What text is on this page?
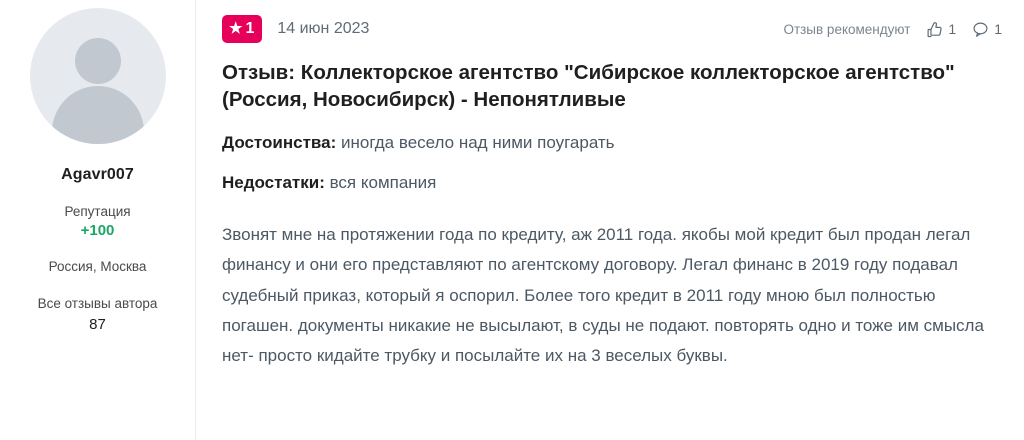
Agavr007
Репутация
+100
Россия, Москва
Все отзывы автора
87
★ 1 14 июн 2023	Отзыв рекомендуют	1	1
Отзыв: Коллекторское агентство "Сибирское коллекторское агентство" (Россия, Новосибирск) - Непонятливые

Достоинства: иногда весело над ними поугарать

Недостатки: вся компания

Звонят мне на протяжении года по кредиту, аж 2011 года. якобы мой кредит был продан легал финансу и они его представляют по агентскому договору. Легал финанс в 2019 году подавал судебный приказ, который я оспорил. Более того кредит в 2011 году мною был полностью погашен. документы никакие не высылают, в суды не подают. повторять одно и тоже им смысла нет- просто кидайте трубку и посылайте их на 3 веселых буквы.
